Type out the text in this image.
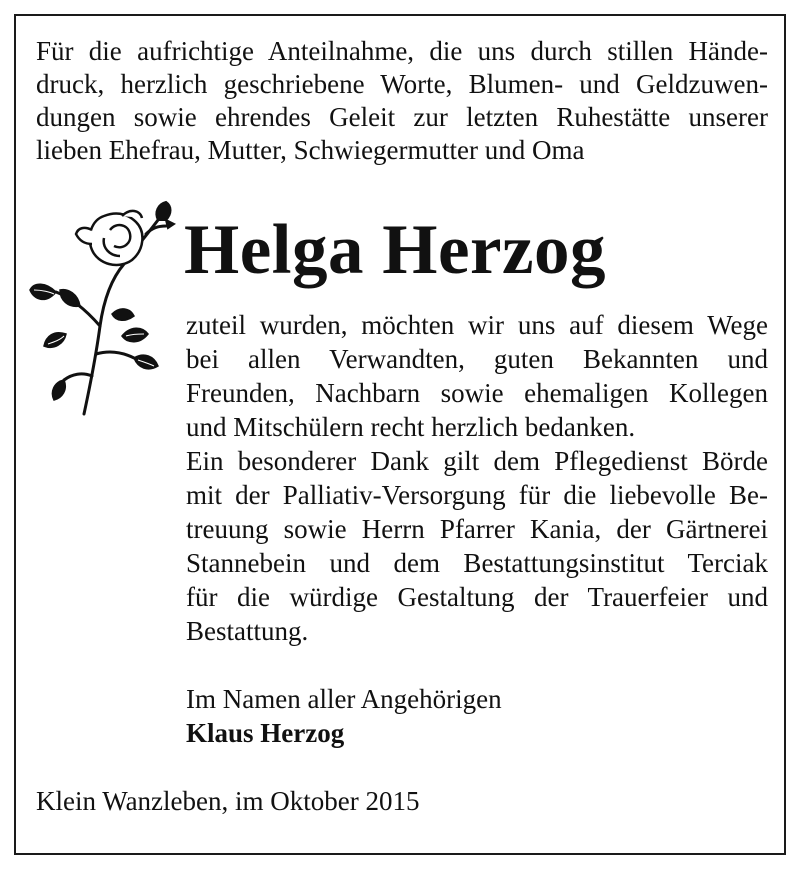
Für die aufrichtige Anteilnahme, die uns durch stillen Hände-
druck, herzlich geschriebene Worte, Blumen- und Geldzuwen-
dungen sowie ehrendes Geleit zur letzten Ruhestätte unserer
lieben Ehefrau, Mutter, Schwiegermutter und Oma
Helga Herzog
zuteil wurden, möchten wir uns auf diesem Wege
bei allen Verwandten, guten Bekannten und
Freunden, Nachbarn sowie ehemaligen Kollegen
und Mitschülern recht herzlich bedanken.
Ein besonderer Dank gilt dem Pflegedienst Börde
mit der Palliativ-Versorgung für die liebevolle Be-
treuung sowie Herrn Pfarrer Kania, der Gärtnerei
Stannebein und dem Bestattungsinstitut Terciak
für die würdige Gestaltung der Trauerfeier und
Bestattung.
Im Namen aller Angehörigen
Klaus Herzog
Klein Wanzleben, im Oktober 2015
